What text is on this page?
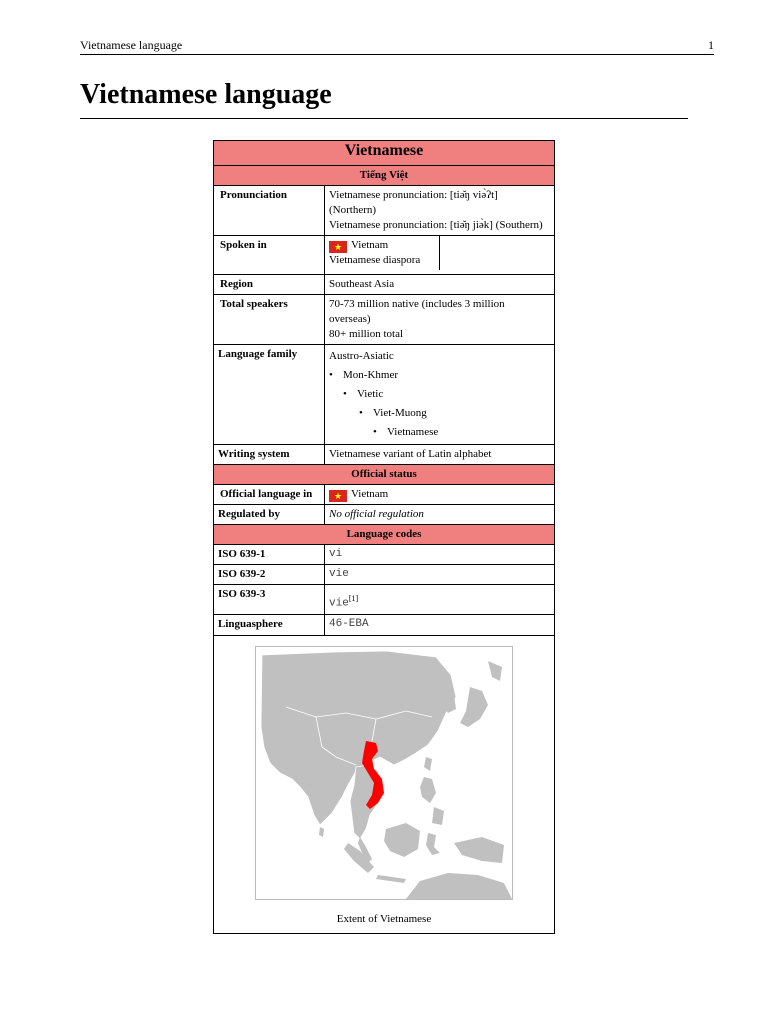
Vietnamese language	1
Vietnamese language
Vietnamese	
Tiếng Việt	
Pronunciation	Vietnamese pronunciation: [tiə̌ŋ viə̀ʔt]
(Northern)
Vietnamese pronunciation: [tiə̌ŋ jiə̀k] (Southern)

Spoken in	★ Vietnam
Vietnamese diaspora

Region	Southeast Asia
Total speakers	70-73 million native (includes 3 million
overseas)
80+ million total

Language family	Austro-Asiatic
• Mon-Khmer
• Vietic
• Viet-Muong
• Vietnamese

Writing system	Vietnamese variant of Latin alphabet
Official status	
Official language in	★ Vietnam
Regulated by	No official regulation
Language codes	
ISO 639-1	vi
ISO 639-2	vie
ISO 639-3	vie[1]
Linguasphere	46-EBA

Extent of Vietnamese	
